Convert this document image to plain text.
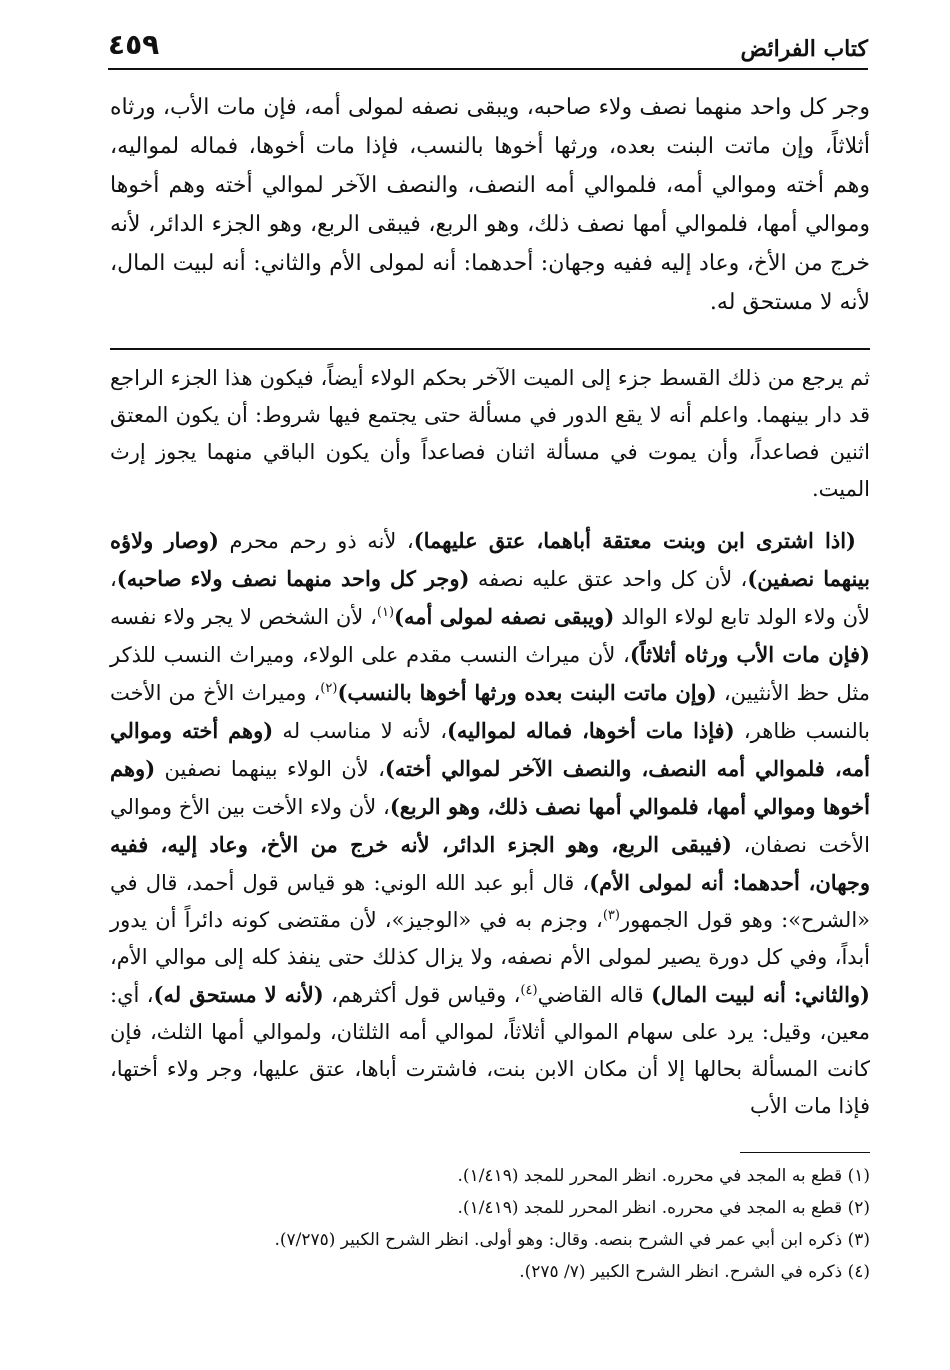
كتاب الفرائض
٤٥٩
وجر كل واحد منهما نصف ولاء صاحبه، ويبقى نصفه لمولى أمه، فإن مات الأب، ورثاه أثلاثاً، وإن ماتت البنت بعده، ورثها أخوها بالنسب، فإذا مات أخوها، فماله لمواليه، وهم أخته وموالي أمه، فلموالي أمه النصف، والنصف الآخر لموالي أخته وهم أخوها وموالي أمها، فلموالي أمها نصف ذلك، وهو الربع، فيبقى الربع، وهو الجزء الدائر، لأنه خرج من الأخ، وعاد إليه ففيه وجهان: أحدهما: أنه لمولى الأم والثاني: أنه لبيت المال، لأنه لا مستحق له.

ثم يرجع من ذلك القسط جزء إلى الميت الآخر بحكم الولاء أيضاً، فيكون هذا الجزء الراجع قد دار بينهما. واعلم أنه لا يقع الدور في مسألة حتى يجتمع فيها شروط: أن يكون المعتق اثنين فصاعداً، وأن يموت في مسألة اثنان فصاعداً وأن يكون الباقي منهما يجوز إرث الميت.

(اذا اشترى ابن وبنت معتقة أباهما، عتق عليهما)، لأنه ذو رحم محرم (وصار ولاؤه بينهما نصفين)، لأن كل واحد عتق عليه نصفه (وجر كل واحد منهما نصف ولاء صاحبه)، لأن ولاء الولد تابع لولاء الوالد (ويبقى نصفه لمولى أمه)$^{(١)}$، لأن الشخص لا يجر ولاء نفسه (فإن مات الأب ورثاه أثلاثاً)، لأن ميراث النسب مقدم على الولاء، وميراث النسب للذكر مثل حظ الأنثيين، (وإن ماتت البنت بعده ورثها أخوها بالنسب)$^{(٢)}$، وميراث الأخ من الأخت بالنسب ظاهر، (فإذا مات أخوها، فماله لمواليه)، لأنه لا مناسب له (وهم أخته وموالي أمه، فلموالي أمه النصف، والنصف الآخر لموالي أخته)، لأن الولاء بينهما نصفين (وهم أخوها وموالي أمها، فلموالي أمها نصف ذلك، وهو الربع)، لأن ولاء الأخت بين الأخ وموالي الأخت نصفان، (فيبقى الربع، وهو الجزء الدائر، لأنه خرج من الأخ، وعاد إليه، ففيه وجهان، أحدهما: أنه لمولى الأم)، قال أبو عبد الله الوني: هو قياس قول أحمد، قال في «الشرح»: وهو قول الجمهور$^{(٣)}$، وجزم به في «الوجيز»، لأن مقتضى كونه دائراً أن يدور أبداً، وفي كل دورة يصير لمولى الأم نصفه، ولا يزال كذلك حتى ينفذ كله إلى موالي الأم، (والثاني: أنه لبيت المال) قاله القاضي$^{(٤)}$، وقياس قول أكثرهم، (لأنه لا مستحق له)، أي: معين، وقيل: يرد على سهام الموالي أثلاثاً، لموالي أمه الثلثان، ولموالي أمها الثلث، فإن كانت المسألة بحالها إلا أن مكان الابن بنت، فاشترت أباها، عتق عليها، وجر ولاء أختها، فإذا مات الأب

(١) قطع به المجد في محرره. انظر المحرر للمجد (١/٤١٩).
(٢) قطع به المجد في محرره. انظر المحرر للمجد (١/٤١٩).
(٣) ذكره ابن أبي عمر في الشرح بنصه. وقال: وهو أولى. انظر الشرح الكبير (٧/٢٧٥).
(٤) ذكره في الشرح. انظر الشرح الكبير (٧/ ٢٧٥).
